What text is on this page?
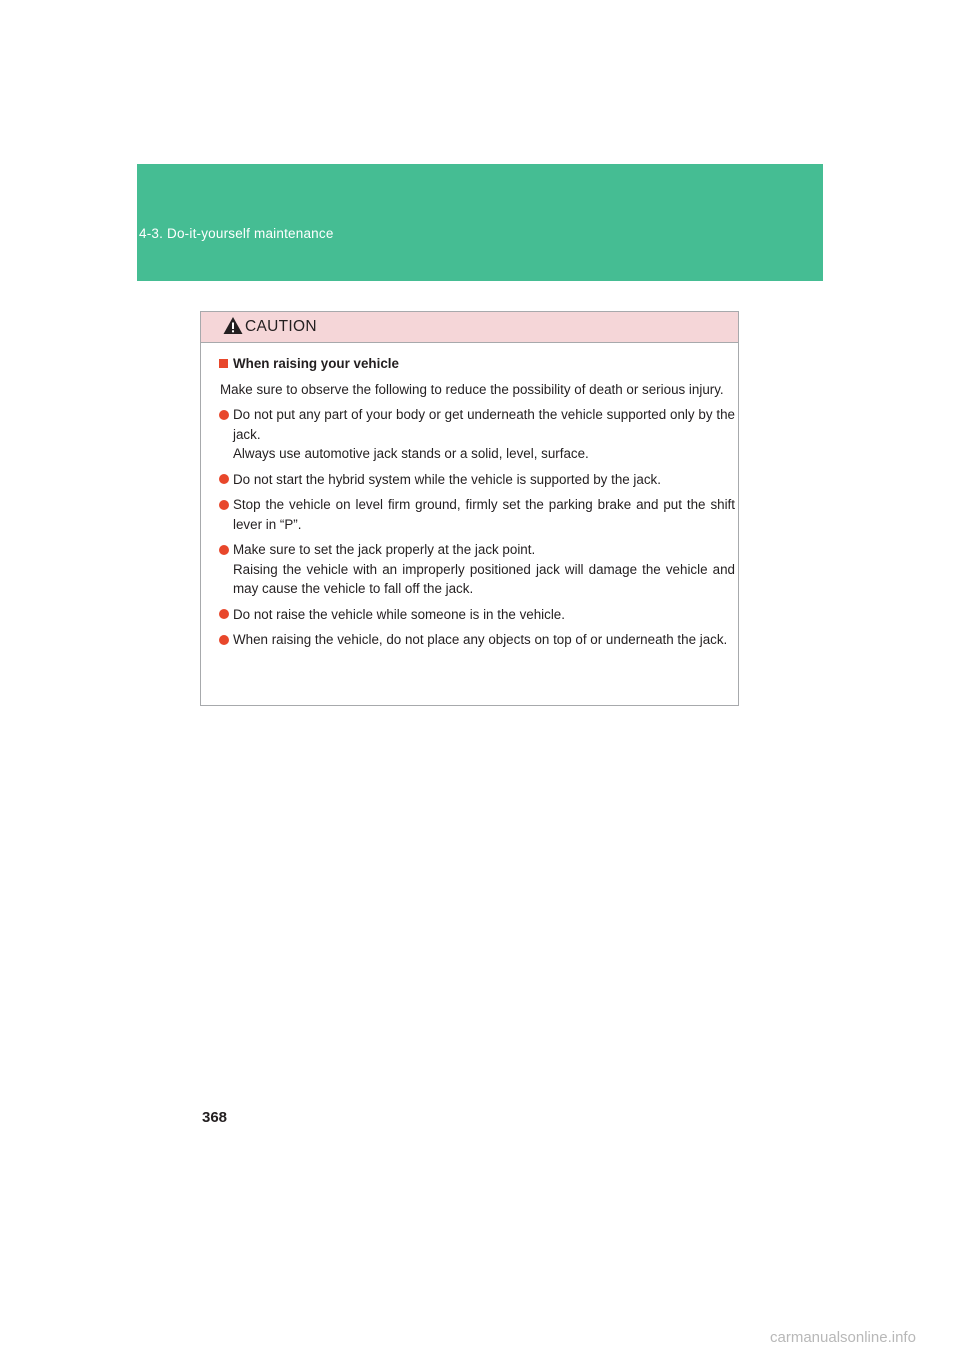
4-3. Do-it-yourself maintenance
CAUTION
When raising your vehicle
Make sure to observe the following to reduce the possibility of death or serious injury.
Do not put any part of your body or get underneath the vehicle supported only by the jack.
Always use automotive jack stands or a solid, level, surface.
Do not start the hybrid system while the vehicle is supported by the jack.
Stop the vehicle on level firm ground, firmly set the parking brake and put the shift lever in “P”.
Make sure to set the jack properly at the jack point.
Raising the vehicle with an improperly positioned jack will damage the vehicle and may cause the vehicle to fall off the jack.
Do not raise the vehicle while someone is in the vehicle.
When raising the vehicle, do not place any objects on top of or underneath the jack.
368
carmanualsonline.info
